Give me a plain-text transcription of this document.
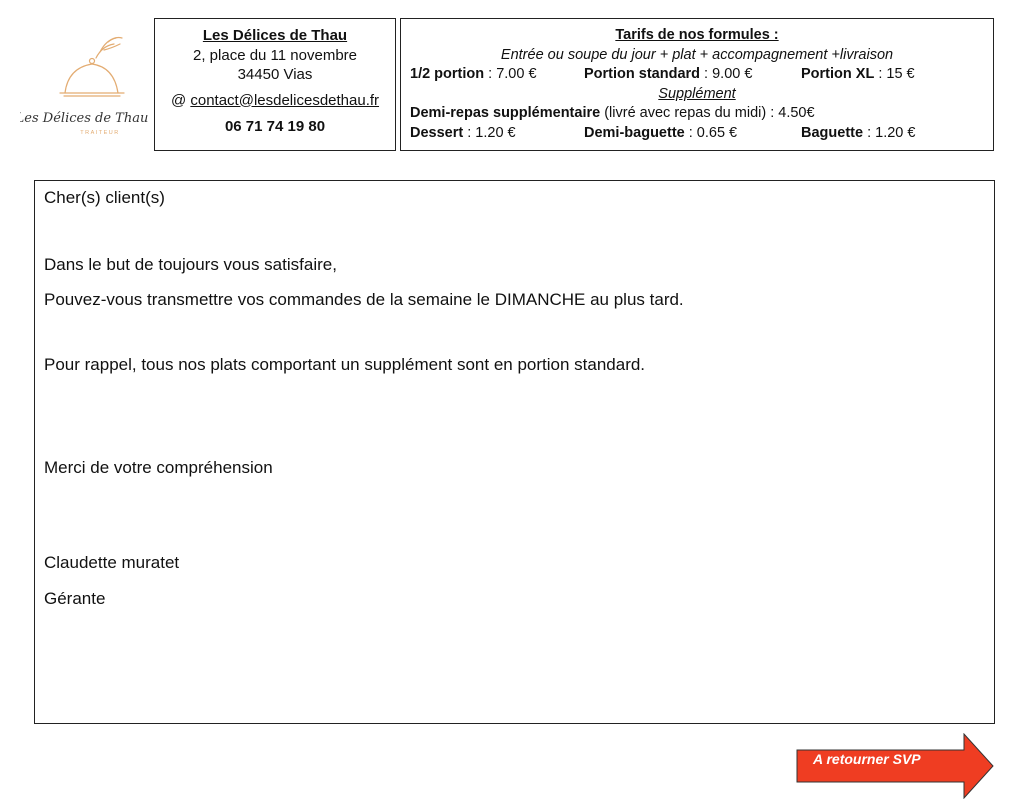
Les Délices de Thau
TRAITEUR
Les Délices de Thau
2, place du 11 novembre
34450 Vias
@ contact@lesdelicesdethau.fr
06 71 74 19 80
Tarifs de nos formules :
Entrée ou soupe du jour + plat + accompagnement +livraison
1/2 portion : 7.00 €	Portion standard : 9.00 €	Portion XL : 15 €
Supplément
Demi-repas supplémentaire (livré avec repas du midi) : 4.50€
Dessert : 1.20 €	Demi-baguette : 0.65 €	Baguette : 1.20 €

Cher(s) client(s)

Dans le but de toujours vous satisfaire,

Pouvez-vous transmettre vos commandes de la semaine le DIMANCHE au plus tard.

Pour rappel, tous nos plats comportant un supplément sont en portion standard.

Merci de votre compréhension

Claudette muratet

Gérante

A retourner SVP
